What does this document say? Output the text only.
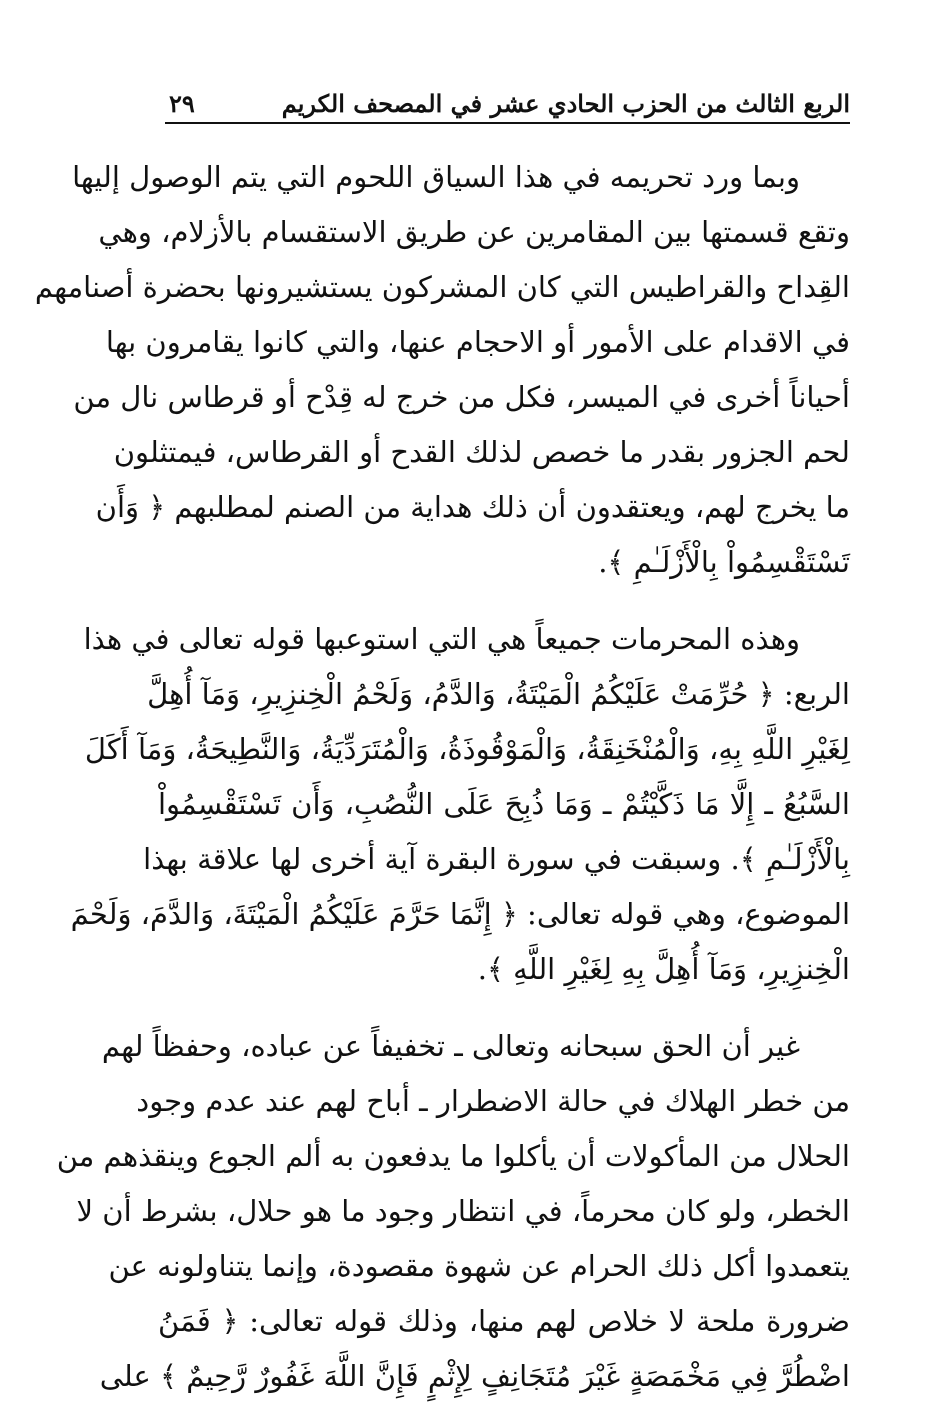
الربع الثالث من الحزب الحادي عشر في المصحف الكريم
٢٩
وبما ورد تحريمه في هذا السياق اللحوم التي يتم الوصول إليها
وتقع قسمتها بين المقامرين عن طريق الاستقسام بالأزلام، وهي
القِداح والقراطيس التي كان المشركون يستشيرونها بحضرة أصنامهم
في الاقدام على الأمور أو الاحجام عنها، والتي كانوا يقامرون بها
أحياناً أخرى في الميسر، فكل من خرج له قِدْح أو قرطاس نال من
لحم الجزور بقدر ما خصص لذلك القدح أو القرطاس، فيمتثلون
ما يخرج لهم، ويعتقدون أن ذلك هداية من الصنم لمطلبهم ﴿ وَأَن
تَسْتَقْسِمُواْ بِالْأَزْلَـٰمِ ﴾.
وهذه المحرمات جميعاً هي التي استوعبها قوله تعالى في هذا
الربع: ﴿ حُرِّمَتْ عَلَيْكُمُ الْمَيْتَةُ، وَالدَّمُ، وَلَحْمُ الْخِنزِيرِ، وَمَآ أُهِلَّ
لِغَيْرِ اللَّهِ بِهِ، وَالْمُنْخَنِقَةُ، وَالْمَوْقُوذَةُ، وَالْمُتَرَدِّيَةُ، وَالنَّطِيحَةُ، وَمَآ أَكَلَ
السَّبُعُ ـ إِلَّا مَا ذَكَّيْتُمْ ـ وَمَا ذُبِحَ عَلَى النُّصُبِ، وَأَن تَسْتَقْسِمُواْ
بِالْأَزْلَـٰمِ ﴾. وسبقت في سورة البقرة آية أخرى لها علاقة بهذا
الموضوع، وهي قوله تعالى: ﴿ إِنَّمَا حَرَّمَ عَلَيْكُمُ الْمَيْتَةَ، وَالدَّمَ، وَلَحْمَ
الْخِنزِيرِ، وَمَآ أُهِلَّ بِهِ لِغَيْرِ اللَّهِ ﴾.
غير أن الحق سبحانه وتعالى ـ تخفيفاً عن عباده، وحفظاً لهم
من خطر الهلاك في حالة الاضطرار ـ أباح لهم عند عدم وجود
الحلال من المأكولات أن يأكلوا ما يدفعون به ألم الجوع وينقذهم من
الخطر، ولو كان محرماً، في انتظار وجود ما هو حلال، بشرط أن لا
يتعمدوا أكل ذلك الحرام عن شهوة مقصودة، وإنما يتناولونه عن
ضرورة ملحة لا خلاص لهم منها، وذلك قوله تعالى: ﴿ فَمَنُ
اضْطُرَّ فِي مَخْمَصَةٍ غَيْرَ مُتَجَانِفٍ لِإِثْمٍ فَإِنَّ اللَّهَ غَفُورٌ رَّحِيمٌ ﴾ على
